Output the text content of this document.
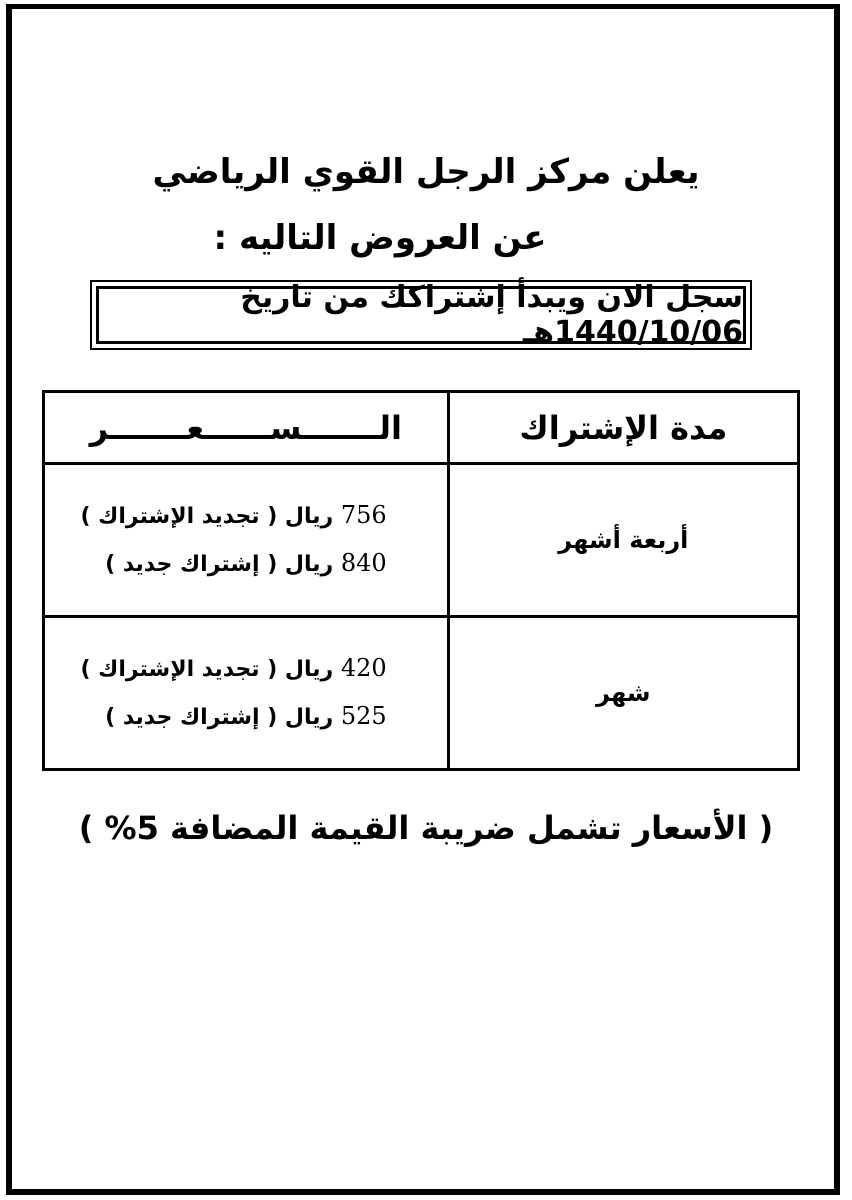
يعلن مركز الرجل القوي الرياضي
عن العروض التاليه :
سجل الان ويبدأ إشتراكك من تاريخ 1440/10/06هـ
مدة الإشتراك	الـــــــســــــعـــــــر
أربعة أشهر	756 ريال ( تجديد الإشتراك )
840 ريال ( إشتراك جديد )

شهر	420 ريال ( تجديد الإشتراك )
525 ريال ( إشتراك جديد )
( الأسعار تشمل ضريبة القيمة المضافة 5% )
